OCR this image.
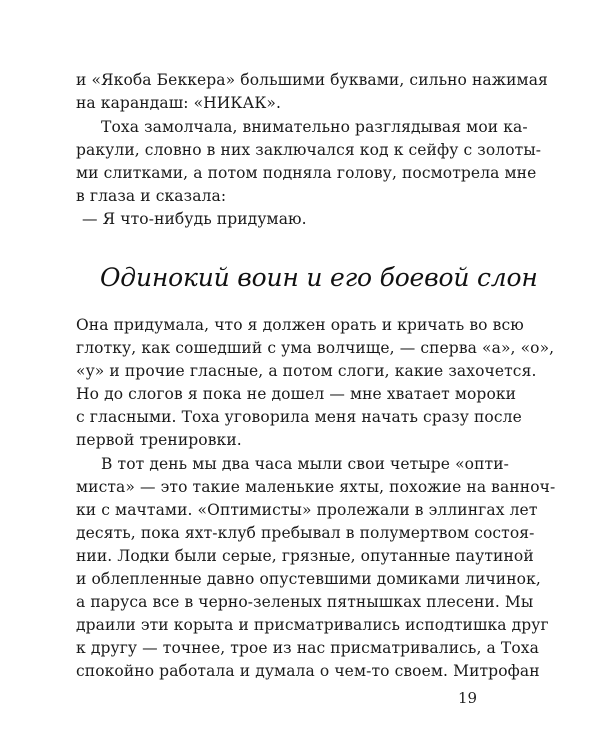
и «Якоба Беккера» большими буквами, сильно нажимая
на карандаш: «НИКАК».
Тоха замолчала, внимательно разглядывая мои ка-
ракули, словно в них заключался код к сейфу с золоты-
ми слитками, а потом подняла голову, посмотрела мне
в глаза и сказала:
— Я что-нибудь придумаю.
Одинокий воин и его боевой слон
Она придумала, что я должен орать и кричать во всю
глотку, как сошедший с ума волчище, — сперва «а», «о»,
«у» и прочие гласные, а потом слоги, какие захочется.
Но до слогов я пока не дошел — мне хватает мороки
с гласными. Тоха уговорила меня начать сразу после
первой тренировки.
В тот день мы два часа мыли свои четыре «опти-
миста» — это такие маленькие яхты, похожие на ванноч-
ки с мачтами. «Оптимисты» пролежали в эллингах лет
десять, пока яхт-клуб пребывал в полумертвом состоя-
нии. Лодки были серые, грязные, опутанные паутиной
и облепленные давно опустевшими домиками личинок,
а паруса все в черно-зеленых пятнышках плесени. Мы
драили эти корыта и присматривались исподтишка друг
к другу — точнее, трое из нас присматривались, а Тоха
спокойно работала и думала о чем-то своем. Митрофан
19
